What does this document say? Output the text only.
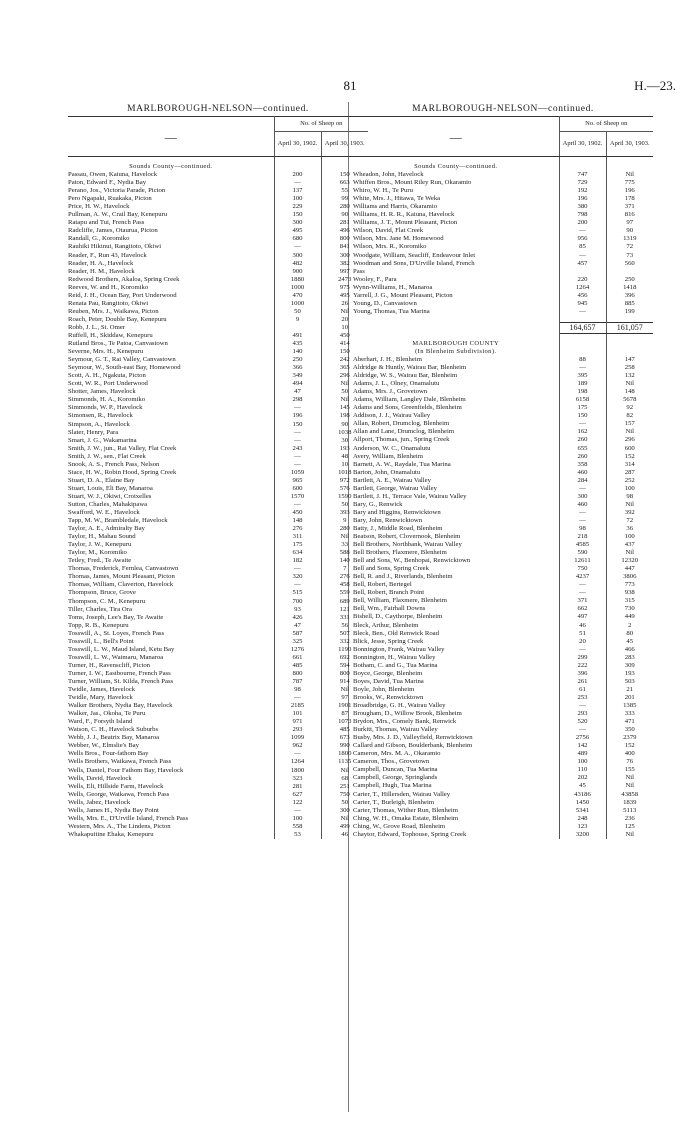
81	H.—23.
MARLBOROUGH-NELSON—continued.
—	No. of Sheep on	
	April 30, 1902.	April 30, 1903.

Sounds County—continued.		
Passau, Owen, Kaiuna, Havelock	200	150
Paton, Edward F., Nydia Bay	—	663
Perano, Jos., Victoria Parade, Picton	137	55
Pero Ngapaki, Ruakaka, Picton	100	99
Price, H. W., Havelock	229	280
Pullman, A. W., Crail Bay, Kenepuru	150	90
Ratapu and Tui, French Pass	300	281
Radcliffe, James, Otaurua, Picton	495	496
Randall, G., Koromiko	680	800
Rauhiki Hikinui, Rangitoto, Okiwi	—	841
Reader, F., Run 43, Havelock	300	300
Reader, H. A., Havelock	482	382
Reader, H. M., Havelock	900	997
Redwood Brothers, Akaloa, Spring Creek	1880	2473
Reeves, W. and H., Koromiko	1000	975
Reid, J. H., Ocean Bay, Port Underwood	470	495
Renata Pau, Rangitoto, Okiwi	1000	26
Reuben, Mrs. J., Waikawa, Picton	50	Nil
Roach, Peter, Double Bay, Kenepuru	9	20
Robb, J. L., St. Omer		10
Ruffell, H., Skiddaw, Kenepuru	491	450
Rutland Bros., Te Patoa, Canvastown	435	414
Severne, Mrs. H., Kenepuru	140	150
Seymour, G. T., Rai Valley, Canvastown	250	242
Seymour, W., South-east Bay, Homewood	366	365
Scott, A. H., Ngakuta, Picton	349	296
Scott, W. R., Port Underwood	494	Nil
Shotter, James, Havelock	47	50
Simmonds, H. A., Koromiko	298	Nil
Simmonds, W. P., Havelock	—	145
Simonsen, R., Havelock	196	198
Simpson, A., Havelock	150	90
Slater, Henry, Para	—	1038
Smart, J. G., Wakamarina	—	30
Smith, J. W., jun., Rai Valley, Flat Creek	243	193
Smith, J. W., sen., Flat Creek	—	48
Snook, A. S., French Pass, Nelson	—	10
Stace, H. W., Robin Hood, Spring Creek	1059	1018
Stuart, D. A., Elaine Bay	965	972
Stuart, Louis, Eli Bay, Manaroa	600	576
Stuart, W. J., Okiwi, Croixelles	1570	1590
Sutton, Charles, Mahakipawa	—	50
Swafford, W. E., Havelock	450	393
Tapp, M. W., Brambledale, Havelock	148	9
Taylor, A. E., Admiralty Bay	276	280
Taylor, H., Mahau Sound	311	Nil
Taylor, J. W., Kenepuru	175	33
Taylor, M., Koromiko	634	588
Tetley, Fred., Te Awaite	182	140
Thomas, Frederick, Fernlea, Canvastown	—	7
Thomas, James, Mount Pleasant, Picton	320	276
Thomas, William, Claverton, Havelock	—	458
Thompson, Bruce, Grove	515	559
Thompson, C. M., Kenepuru	700	689
Tiller, Charles, Tira Ora	93	121
Toms, Joseph, Lee's Bay, Te Awaite	426	331
Topp, R. B., Kenepuru	47	56
Tosswill, A., St. Loyes, French Pass	587	507
Tosswill, L., Bell's Point	325	332
Tosswill, L. W., Maud Island, Ketu Bay	1276	1190
Tosswill, L. W., Waimaru, Manaroa	661	692
Turner, H., Ravenscliff, Picton	485	594
Turner, I. W., Eastbourne, French Pass	800	800
Turner, William, St. Kilda, French Pass	787	914
Twidle, James, Havelock	98	Nil
Twidle, Mary, Havelock	—	97
Walker Brothers, Nydia Bay, Havelock	2185	1901
Walker, Jas., Okoha, Te Puru	101	87
Ward, F., Forsyth Island	971	1073
Watson, C. H., Havelock Suburbs	293	485
Webb, J. J., Beatrix Bay, Manaroa	1099	673
Webber, W., Elmslie's Bay	962	990
Wells Bros., Four-fathom Bay	—	1800
Wells Brothers, Waikawa, French Pass	1264	1135
Wells, Daniel, Four Fathom Bay, Havelock	1800	Nil
Wells, David, Havelock	323	68
Wells, Eli, Hillside Farm, Havelock	281	251
Wells, George, Waikawa, French Pass	627	750
Wells, Jabez, Havelock	122	50
Wells, James H., Nydia Bay Point	—	300
Wells, Mrs. E., D'Urville Island, French Pass	100	Nil
Western, Mrs. A., The Lindens, Picton	558	499
Whakapuitine Ehaka, Kenepuru	53	46
MARLBOROUGH-NELSON—continued.
—	No. of Sheep on	
	April 30, 1902.	April 30, 1903.

Sounds County—continued.		
Wheadon, John, Havelock	747	Nil
Whiffen Bros., Mount Riley Run, Okaramio	729	775
Whiro, W. H., Te Puru	192	196
White, Mrs. J., Hitawa, Te Weka	196	178
Williams and Harris, Okaramio	380	371
Williams, H. R. R., Kaiuna, Havelock	798	816
Williams, J. T., Mount Pleasant, Picton	200	97
Wilson, David, Flat Creek	—	90
Wilson, Mrs. Jane M. Homewood	956	1319
Wilson, Mrs. R., Koromiko	85	72
Woodgate, William, Seacliff, Endeavour Inlet	—	73
Woodman and Sons, D'Urville Island, French	457	560
Pass		
Wooley, F., Para	220	250
Wynn-Williams, H., Manaroa	1264	1418
Yarrell, J. G., Mount Pleasant, Picton	456	396
Young, D., Canvastown	945	885
Young, Thomas, Tua Marina	—	199

	164,657	161,057

MARLBOROUGH COUNTY		
(In Blenheim Subdivision).		
Aberhart, J. H., Blenheim	88	147
Aldridge & Huntly, Wairau Bar, Blenheim	—	258
Aldridge, W. S., Wairau Bar, Blenheim	395	132
Adams, J. L., Olney, Onamalutu	189	Nil
Adams, Mrs. J., Grovetown	198	148
Adams, William, Langley Dale, Blenheim	6158	5678
Adams and Sons, Greenfields, Blenheim	175	92
Addison, J. J., Wairau Valley	150	82
Allan, Robert, Drumclog, Blenheim	—	157
Allan and Lane, Drumclog, Blenheim	162	Nil
Allport, Thomas, jun., Spring Creek	260	296
Anderson, W. C., Onamalutu	655	600
Avery, William, Blenheim	260	152
Barnett, A. W., Raydale, Tua Marina	358	314
Barton, John, Onamalutu	460	287
Bartlett, A. E., Wairau Valley	284	252
Bartlett, George, Wairau Valley	—	100
Bartlett, J. H., Terrace Vale, Wairau Valley	300	98
Bary, G., Renwick	460	Nil
Bary and Higgins, Renwicktown	—	392
Bary, John, Renwicktown	—	72
Batty, J., Middle Road, Blenheim	98	36
Beatson, Robert, Clovernook, Blenheim	218	100
Bell Brothers, Northbank, Wairau Valley	4585	437
Bell Brothers, Flaxmere, Blenheim	590	Nil
Bell and Sons, W., Benhopai, Renwicktown	12611	12320
Bell and Sons, Spring Creek	750	447
Bell, R. and J., Riverlands, Blenheim	4237	3806
Bell, Robert, Bertegel	—	773
Bell, Robert, Branch Point	—	938
Bell, William, Flaxmere, Blenheim	371	315
Bell, Wm., Fairhall Downs	662	730
Bishell, D., Caythorpe, Blenheim	497	449
Bleck, Arthur, Blenheim	46	2
Bleck, Ben., Old Renwick Road	51	80
Blick, Jesse, Spring Creek	20	45
Bonnington, Frank, Wairau Valley	—	466
Bonnington, H., Wairau Valley	299	283
Botham, C. and G., Tua Marina	222	309
Boyce, George, Blenheim	396	193
Boyes, David, Tua Marina	261	503
Boyle, John, Blenheim	61	21
Brooks, W., Renwicktown	253	201
Broadbridge, G. H., Wairau Valley	—	1385
Brougham, D., Willow Brook, Blenheim	293	333
Brydon, Mrs., Comely Bank, Renwick	520	471
Burkitt, Thomas, Wairau Valley	—	350
Busby, Mrs. J. D., Valleyfield, Renwicktown	2756	2379
Callard and Gibson, Boulderbank, Blenheim	142	152
Cameron, Mrs. M. A., Okaramio	489	400
Cameron, Thos., Grovetown	100	76
Campbell, Duncan, Tua Marina	110	155
Campbell, George, Springlands	202	Nil
Campbell, Hugh, Tua Marina	45	Nil
Carter, T., Hillersden, Wairau Valley	43186	43858
Carter, T., Burleigh, Blenheim	1450	1839
Carter, Thomas, Wither Run, Blenheim	5341	5113
Ching, W. H., Omaka Estate, Blenheim	248	236
Ching, W., Grove Road, Blenheim	123	125
Chaytor, Edward, Tophouse, Spring Creek	3200	Nil
